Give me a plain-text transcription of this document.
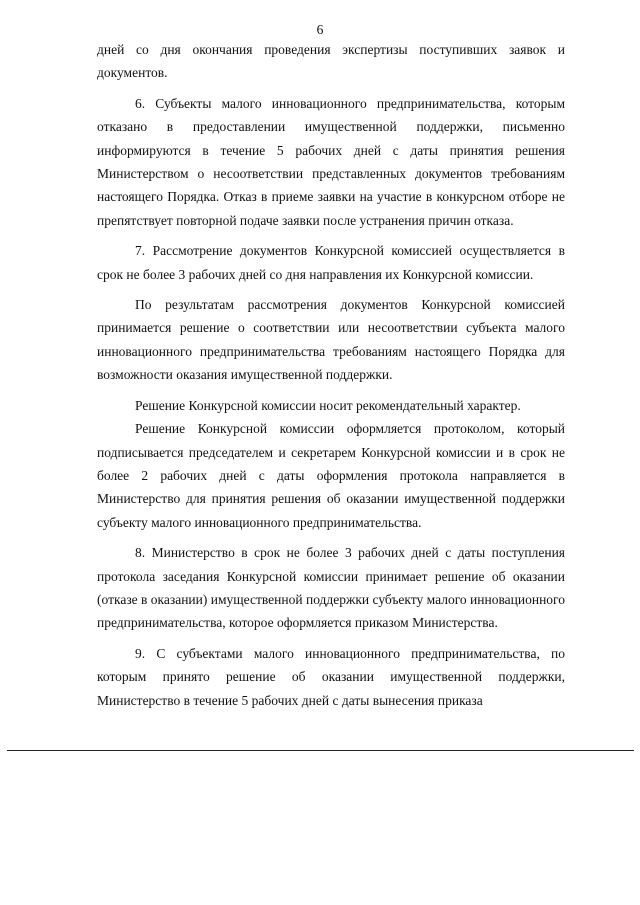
6

дней со дня окончания проведения экспертизы поступивших заявок и документов.

6. Субъекты малого инновационного предпринимательства, которым отказано в предоставлении имущественной поддержки, письменно информируются в течение 5 рабочих дней с даты принятия решения Министерством о несоответствии представленных документов требованиям настоящего Порядка. Отказ в приеме заявки на участие в конкурсном отборе не препятствует повторной подаче заявки после устранения причин отказа.

7. Рассмотрение документов Конкурсной комиссией осуществляется в срок не более 3 рабочих дней со дня направления их Конкурсной комиссии.

По результатам рассмотрения документов Конкурсной комиссией принимается решение о соответствии или несоответствии субъекта малого инновационного предпринимательства требованиям настоящего Порядка для возможности оказания имущественной поддержки.

Решение Конкурсной комиссии носит рекомендательный характер.

Решение Конкурсной комиссии оформляется протоколом, который подписывается председателем и секретарем Конкурсной комиссии и в срок не более 2 рабочих дней с даты оформления протокола направляется в Министерство для принятия решения об оказании имущественной поддержки субъекту малого инновационного предпринимательства.

8. Министерство в срок не более 3 рабочих дней с даты поступления протокола заседания Конкурсной комиссии принимает решение об оказании (отказе в оказании) имущественной поддержки субъекту малого инновационного предпринимательства, которое оформляется приказом Министерства.

9. С субъектами малого инновационного предпринимательства, по которым принято решение об оказании имущественной поддержки, Министерство в течение 5 рабочих дней с даты вынесения приказа
